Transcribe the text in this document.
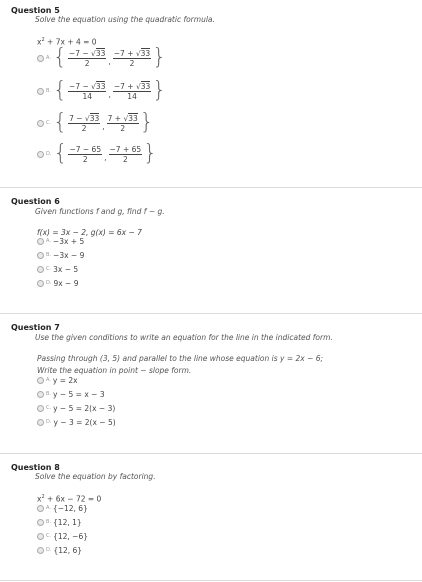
Question 5
Solve the equation using the quadratic formula.
$x^2 + 7x + 4 = 0$
A. { $\frac{-7 - √33}{2}$ , $\frac{-7 + √33}{2}$ }
B. { $\frac{-7 - √33}{14}$ , $\frac{-7 + √33}{14}$ }
C. { $\frac{7 - √33}{2}$ , $\frac{7 + √33}{2}$ }
D. { $\frac{-7 - 65}{2}$ , $\frac{-7 + 65}{2}$ }
Question 6
Given functions f and g, find f − g.
f(x) = 3x − 2, g(x) = 6x − 7
A. −3x + 5
B. −3x − 9
C. 3x − 5
D. 9x − 9
Question 7
Use the given conditions to write an equation for the line in the indicated form.
Passing through (3, 5) and parallel to the line whose equation is y = 2x − 6;
Write the equation in point − slope form.
A. y = 2x
B. y − 5 = x − 3
C. y − 5 = 2(x − 3)
D. y − 3 = 2(x − 5)
Question 8
Solve the equation by factoring.
$x^2 + 6x - 72 = 0$
A. {−12, 6}
B. {12, 1}
C. {12, −6}
D. {12, 6}
